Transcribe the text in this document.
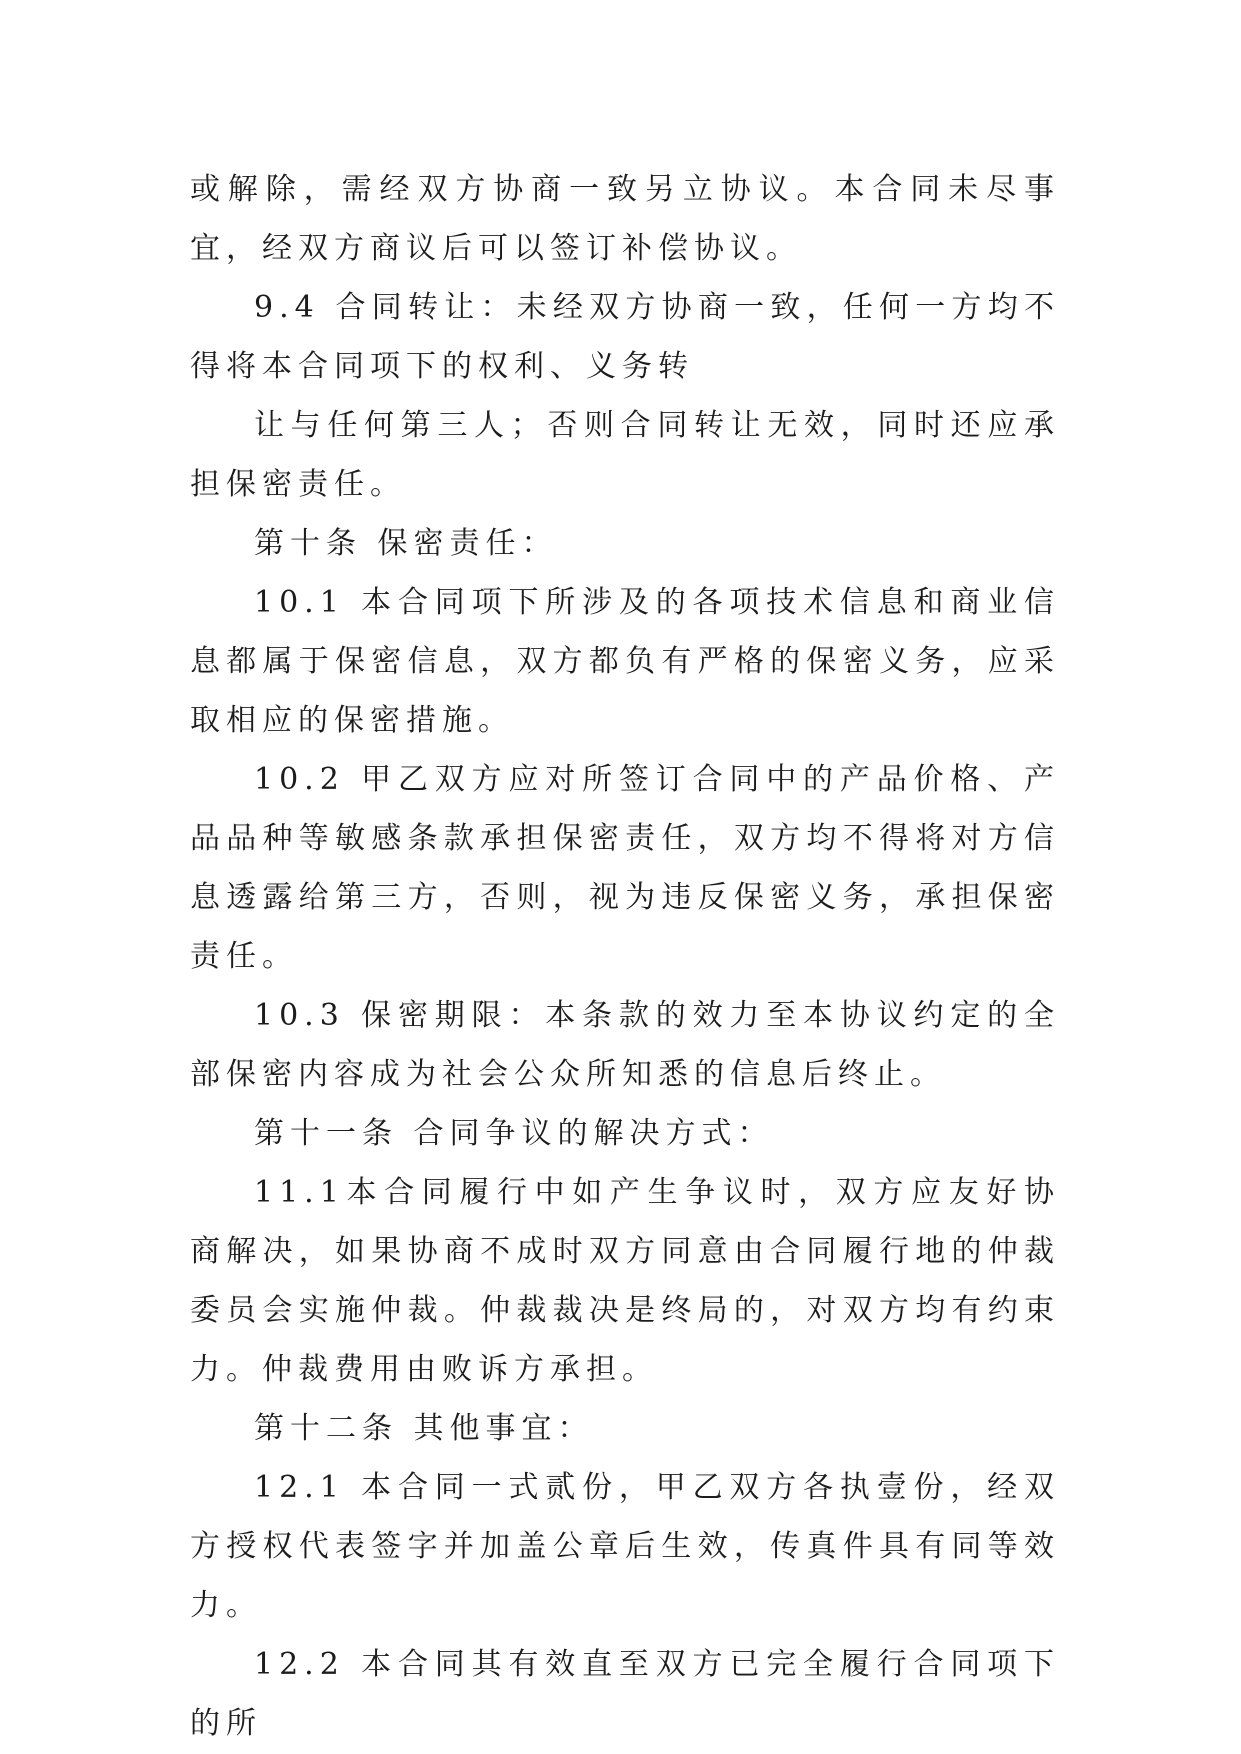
或解除，需经双方协商一致另立协议。本合同未尽事宜，经双方商议后可以签订补偿协议。

9.4 合同转让：未经双方协商一致，任何一方均不得将本合同项下的权利、义务转

让与任何第三人；否则合同转让无效，同时还应承担保密责任。

第十条 保密责任：

10.1 本合同项下所涉及的各项技术信息和商业信息都属于保密信息，双方都负有严格的保密义务，应采取相应的保密措施。

10.2 甲乙双方应对所签订合同中的产品价格、产品品种等敏感条款承担保密责任，双方均不得将对方信息透露给第三方，否则，视为违反保密义务，承担保密责任。

10.3 保密期限：本条款的效力至本协议约定的全部保密内容成为社会公众所知悉的信息后终止。

第十一条 合同争议的解决方式：

11.1本合同履行中如产生争议时，双方应友好协商解决，如果协商不成时双方同意由合同履行地的仲裁委员会实施仲裁。仲裁裁决是终局的，对双方均有约束力。仲裁费用由败诉方承担。

第十二条 其他事宜：

12.1 本合同一式贰份，甲乙双方各执壹份，经双方授权代表签字并加盖公章后生效，传真件具有同等效力。

12.2 本合同其有效直至双方已完全履行合同项下的所
